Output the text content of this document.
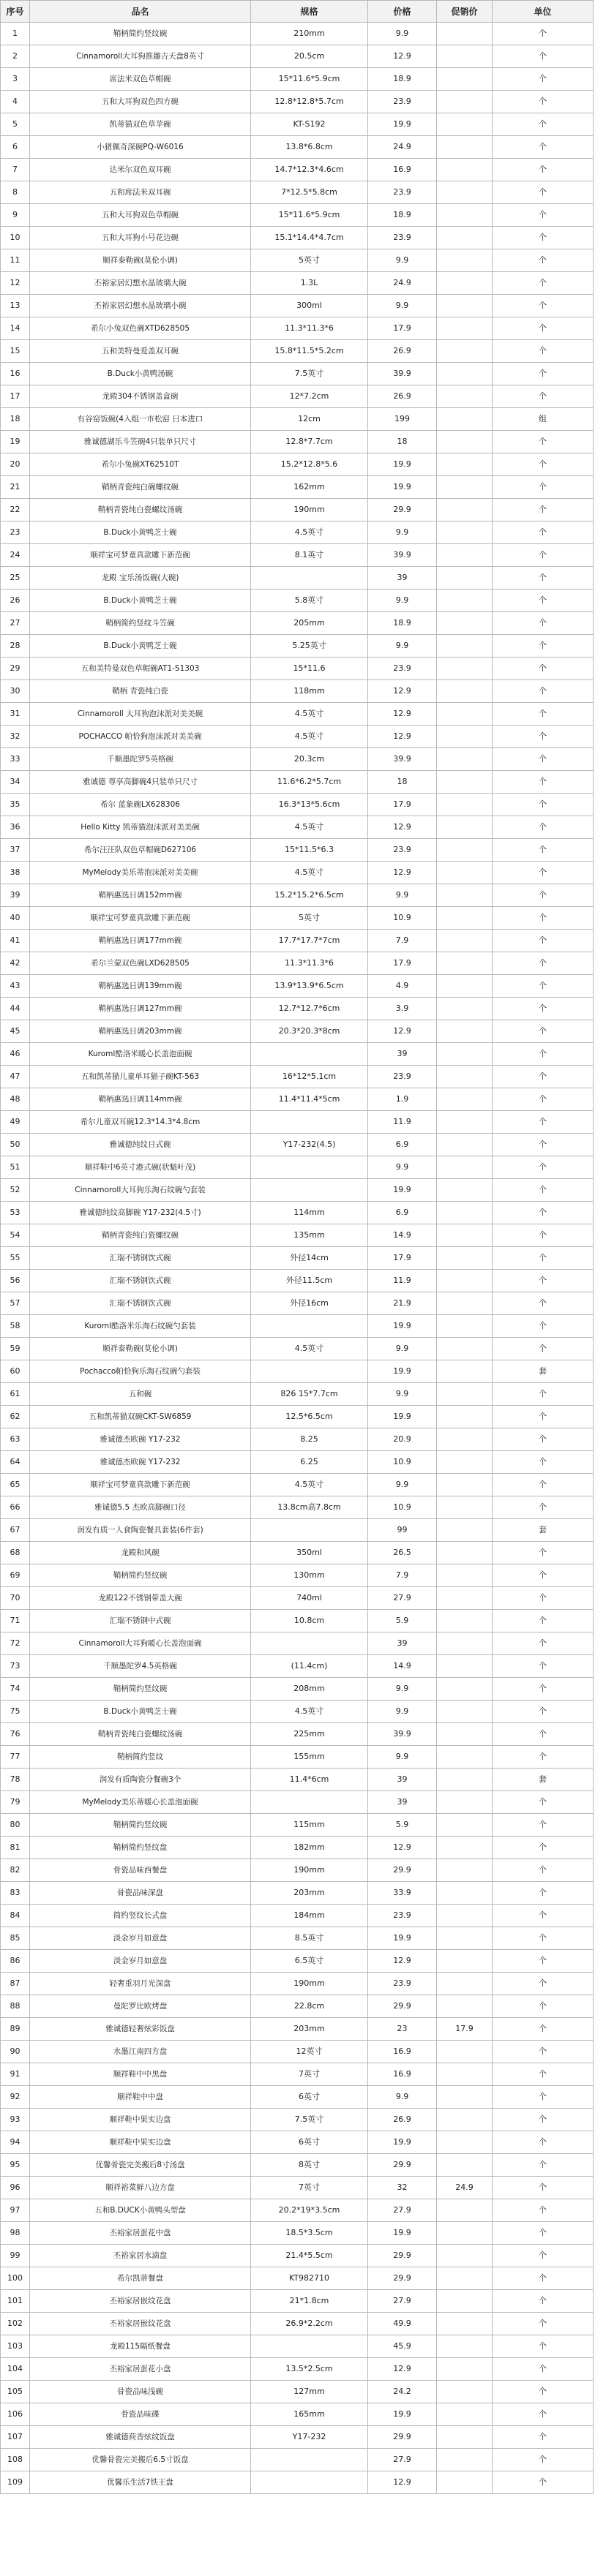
序号	品名	规格	价格	促销价	单位
1	鞘柄简约竖纹碗	210mm	9.9		个
2	Cinnamoroll大耳狗推趣吉天盘8英寸	20.5cm	12.9		个
3	席法米双色草帽碗	15*11.6*5.9cm	18.9		个
4	五和大耳狗双色四方碗	12.8*12.8*5.7cm	23.9		个
5	凯蒂猫双色草苹碗	KT-S192	19.9		个
6	小猪佩奇深碗PQ-W6016	13.8*6.8cm	24.9		个
7	达米尔双色双耳碗	14.7*12.3*4.6cm	16.9		个
8	五和席法米双耳碗	7*12.5*5.8cm	23.9		个
9	五和大耳狗双色草帽碗	15*11.6*5.9cm	18.9		个
10	五和大耳狗小号花边碗	15.1*14.4*4.7cm	23.9		个
11	顺祥泰勒碗(莫伦小调)	5英寸	9.9		个
12	丕裕家居幻想水晶玻璃大碗	1.3L	24.9		个
13	丕裕家居幻想水晶玻璃小碗	300ml	9.9		个
14	希尔小兔双色碗XTD628505	11.3*11.3*6	17.9		个
15	五和美特曼爱盖双耳碗	15.8*11.5*5.2cm	26.9		个
16	B.Duck小黄鸭汤碗	7.5英寸	39.9		个
17	龙殿304不锈钢盖盒碗	12*7.2cm	26.9		个
18	有谷窑饭碗(4入组一市松窑 日本进口	12cm	199		组
19	雅诚德湖乐斗笠碗4只装单只尺寸	12.8*7.7cm	18		个
20	希尔小兔碗XT62510T	15.2*12.8*5.6	19.9		个
21	鞘柄青瓷纯白碗螺纹碗	162mm	19.9		个
22	鞘柄青瓷纯白瓷螺纹汤碗	190mm	29.9		个
23	B.Duck小黄鸭芝士碗	4.5英寸	9.9		个
24	顺祥宝可梦童真款雕下新范碗	8.1英寸	39.9		个
25	龙殿 宝乐汤饭碗(大碗)		39		个
26	B.Duck小黄鸭芝士碗	5.8英寸	9.9		个
27	鞘柄简约竖纹斗笠碗	205mm	18.9		个
28	B.Duck小黄鸭芝士碗	5.25英寸	9.9		个
29	五和美特曼双色草帽碗AT1-S1303	15*11.6	23.9		个
30	鞘柄 青瓷纯白瓷	118mm	12.9		个
31	Cinnamoroll 大耳狗泡沫派对美美碗	4.5英寸	12.9		个
32	POCHACCO 帕恰狗泡沫派对美美碗	4.5英寸	12.9		个
33	千顺墨陀罗5英格碗	20.3cm	39.9		个
34	雅诚德 尊享高脚碗4只装单只尺寸	11.6*6.2*5.7cm	18		个
35	希尔 蓝象碗LX628306	16.3*13*5.6cm	17.9		个
36	Hello Kitty 凯蒂猫泡沫派对美美碗	4.5英寸	12.9		个
37	希尔汪汪队双色草帽碗D627106	15*11.5*6.3	23.9		个
38	MyMelody美乐蒂泡沫派对美美碗	4.5英寸	12.9		个
39	鞘柄惠选日调152mm碗	15.2*15.2*6.5cm	9.9		个
40	顺祥宝可梦童真款雕下新范碗	5英寸	10.9		个
41	鞘柄惠选日调177mm碗	17.7*17.7*7cm	7.9		个
42	希尔兰蒙双色碗LXD628505	11.3*11.3*6	17.9		个
43	鞘柄惠选日调139mm碗	13.9*13.9*6.5cm	4.9		个
44	鞘柄惠选日调127mm碗	12.7*12.7*6cm	3.9		个
45	鞘柄惠选日调203mm碗	20.3*20.3*8cm	12.9		个
46	Kuroml酷洛米暖心长盖泡面碗		39		个
47	五和凯蒂猫儿童单耳猫子碗KT-563	16*12*5.1cm	23.9		个
48	鞘柄惠选日调114mm碗	11.4*11.4*5cm	1.9		个
49	希尔儿童双耳碗12.3*14.3*4.8cm		11.9		个
50	雅诚德纯纹日式碗	Y17-232(4.5)	6.9		个
51	顺祥鞋中6英寸港式碗(状魁叶茂)		9.9		个
52	Cinnamoroll大耳狗乐淘石纹碗勺套装		19.9		个
53	雅诚德纯纹高脚碗 Y17-232(4.5寸)	114mm	6.9		个
54	鞘柄青瓷纯白瓷螺纹碗	135mm	14.9		个
55	汇瑞不锈钢饮式碗	外径14cm	17.9		个
56	汇瑞不锈钢饮式碗	外径11.5cm	11.9		个
57	汇瑞不锈钢饮式碗	外径16cm	21.9		个
58	Kuroml酷洛米乐淘石纹碗勺套装		19.9		个
59	顺祥泰勒碗(莫伦小调)	4.5英寸	9.9		个
60	Pochacco帕恰狗乐淘石纹碗勺套装		19.9		套
61	五和碗	826 15*7.7cm	9.9		个
62	五和凯蒂猫双碗CKT-SW6859	12.5*6.5cm	19.9		个
63	雅诚德杰欧碗 Y17-232	8.25	20.9		个
64	雅诚德杰欧碗 Y17-232	6.25	10.9		个
65	顺祥宝可梦童真款雕下新范碗	4.5英寸	9.9		个
66	雅诚德5.5 杰欧高脚碗口径	13.8cm高7.8cm	10.9		个
67	润发有质一人食陶瓷餐具套装(6件套)		99		套
68	龙殿和风碗	350ml	26.5		个
69	鞘柄简约竖纹碗	130mm	7.9		个
70	龙殿122不锈钢带盖大碗	740ml	27.9		个
71	汇瑞不锈钢中式碗	10.8cm	5.9		个
72	Cinnamoroll大耳狗暖心长盖泡面碗		39		个
73	千顺墨陀罗4.5英格碗	(11.4cm)	14.9		个
74	鞘柄简约竖纹碗	208mm	9.9		个
75	B.Duck小黄鸭芝士碗	4.5英寸	9.9		个
76	鞘柄青瓷纯白瓷螺纹汤碗	225mm	39.9		个
77	鞘柄简约竖纹	155mm	9.9		个
78	润发有质陶瓷分餐碗3个	11.4*6cm	39		套
79	MyMelody美乐蒂暖心长盖泡面碗		39		个
80	鞘柄简约竖纹碗	115mm	5.9		个
81	鞘柄简约竖纹盘	182mm	12.9		个
82	骨瓷品味西餐盘	190mm	29.9		个
83	骨瓷品味深盘	203mm	33.9		个
84	简约竖纹长式盘	184mm	23.9		个
85	淡金岁月如意盘	8.5英寸	19.9		个
86	淡金岁月如意盘	6.5英寸	12.9		个
87	轻奢重羽月光深盘	190mm	23.9		个
88	曼陀罗比欧烤盘	22.8cm	29.9		个
89	雅诚德轻奢炫彩饭盘	203mm	23	17.9	个
90	水墨江南四方盘	12英寸	16.9		个
91	顺祥鞋中中黑盘	7英寸	16.9		个
92	顺祥鞋中中盘	6英寸	9.9		个
93	顺祥鞋中果实边盘	7.5英寸	26.9		个
94	顺祥鞋中果实边盘	6英寸	19.9		个
95	优馨骨瓷完美搬后8寸汤盘	8英寸	29.9		个
96	顺祥裕菜鲜八边方盘	7英寸	32	24.9	个
97	五和B.DUCK小黄鸭头型盘	20.2*19*3.5cm	27.9		个
98	丕裕家居蛋花中盘	18.5*3.5cm	19.9		个
99	丕裕家居水滴盘	21.4*5.5cm	29.9		个
100	希尔凯蒂餐盘	KT982710	29.9		个
101	丕裕家居嵌纹花盘	21*1.8cm	27.9		个
102	丕裕家居嵌纹花盘	26.9*2.2cm	49.9		个
103	龙殿115隔纸餐盘		45.9		个
104	丕裕家居蛋花小盘	13.5*2.5cm	12.9		个
105	骨瓷品味浅碗	127mm	24.2		个
106	骨瓷品味碟	165mm	19.9		个
107	雅诚德荷香炫纹饭盘	Y17-232	29.9		个
108	优馨骨瓷完美搬后6.5寸饭盘		27.9		个
109	优馨乐生活7铁王盘		12.9		个
